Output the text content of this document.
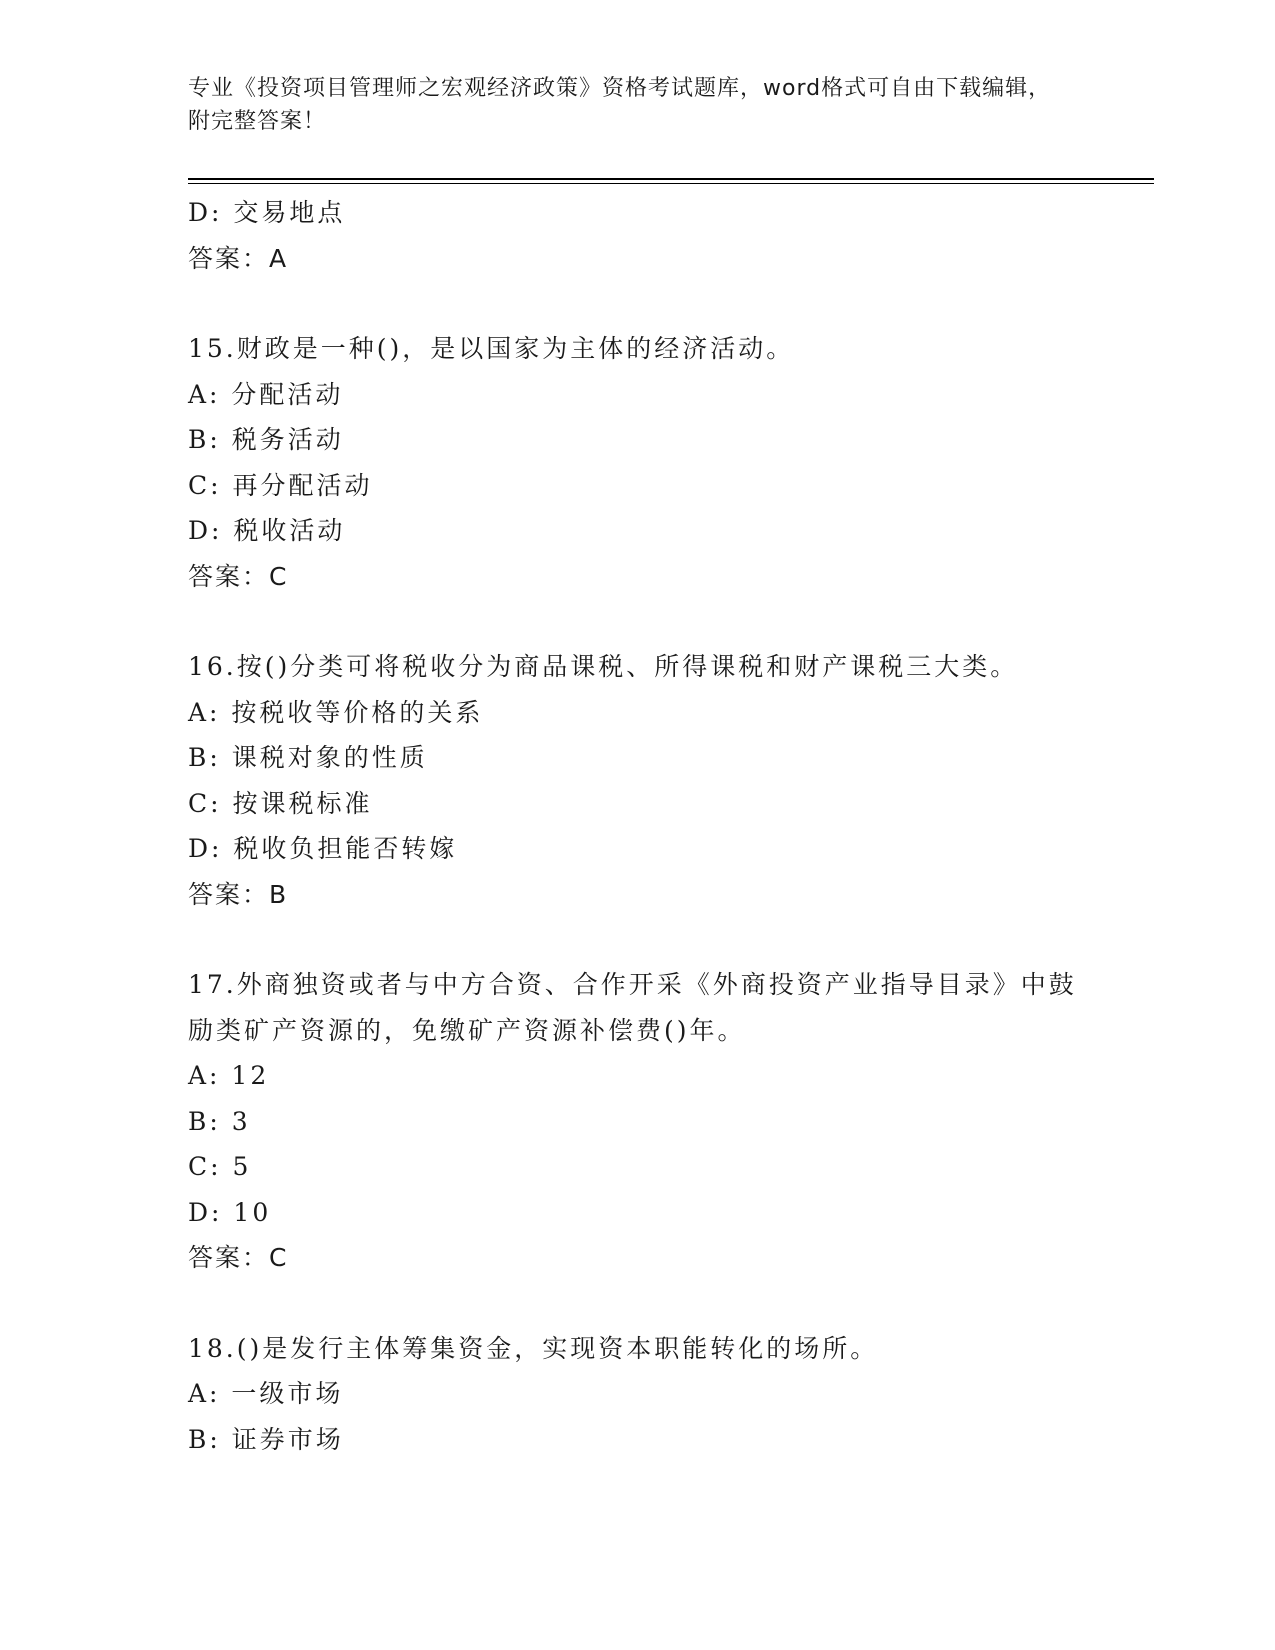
专业《投资项目管理师之宏观经济政策》资格考试题库，word格式可自由下载编辑，附完整答案！
D: 交易地点
答案：A
15.财政是一种()，是以国家为主体的经济活动。
A: 分配活动
B: 税务活动
C: 再分配活动
D: 税收活动
答案：C
16.按()分类可将税收分为商品课税、所得课税和财产课税三大类。
A: 按税收等价格的关系
B: 课税对象的性质
C: 按课税标准
D: 税收负担能否转嫁
答案：B
17.外商独资或者与中方合资、合作开采《外商投资产业指导目录》中鼓励类矿产资源的，免缴矿产资源补偿费()年。
A: 12
B: 3
C: 5
D: 10
答案：C
18.()是发行主体筹集资金，实现资本职能转化的场所。
A: 一级市场
B: 证券市场
